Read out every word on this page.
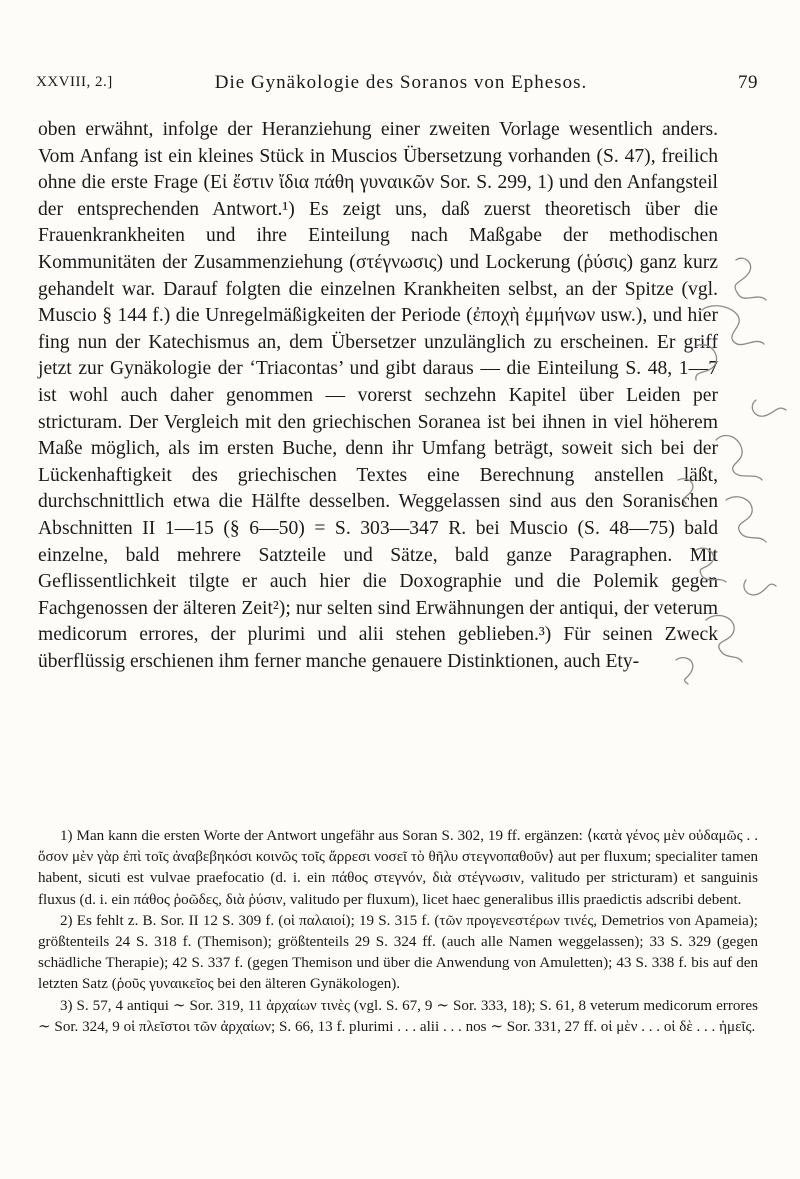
XXVIII, 2.]	Die Gynäkologie des Soranos von Ephesos.	79

oben erwähnt, infolge der Heranziehung einer zweiten Vorlage wesentlich anders. Vom Anfang ist ein kleines Stück in Muscios Übersetzung vorhanden (S. 47), freilich ohne die erste Frage (Εἰ ἔστιν ἴδια πάθη γυναικῶν Sor. S. 299, 1) und den Anfangsteil der entsprechenden Antwort.¹) Es zeigt uns, daß zuerst theoretisch über die Frauenkrankheiten und ihre Einteilung nach Maßgabe der methodischen Kommunitäten der Zusammenziehung (στέγνωσις) und Lockerung (ῥύσις) ganz kurz gehandelt war. Darauf folgten die einzelnen Krankheiten selbst, an der Spitze (vgl. Muscio § 144 f.) die Unregelmäßigkeiten der Periode (ἐποχὴ ἐμμήνων usw.), und hier fing nun der Katechismus an, dem Übersetzer unzulänglich zu erscheinen. Er griff jetzt zur Gynäkologie der ‘Triacontas’ und gibt daraus — die Einteilung S. 48, 1—7 ist wohl auch daher genommen — vorerst sechzehn Kapitel über Leiden per stricturam. Der Vergleich mit den griechischen Soranea ist bei ihnen in viel höherem Maße möglich, als im ersten Buche, denn ihr Umfang beträgt, soweit sich bei der Lückenhaftigkeit des griechischen Textes eine Berechnung anstellen läßt, durchschnittlich etwa die Hälfte desselben. Weggelassen sind aus den Soranischen Abschnitten II 1—15 (§ 6—50) = S. 303—347 R. bei Muscio (S. 48—75) bald einzelne, bald mehrere Satzteile und Sätze, bald ganze Paragraphen. Mit Geflissentlichkeit tilgte er auch hier die Doxographie und die Polemik gegen Fachgenossen der älteren Zeit²); nur selten sind Erwähnungen der antiqui, der veterum medicorum errores, der plurimi und alii stehen geblieben.³) Für seinen Zweck überflüssig erschienen ihm ferner manche genauere Distinktionen, auch Ety-

1) Man kann die ersten Worte der Antwort ungefähr aus Soran S. 302, 19 ff. ergänzen: ⟨κατὰ γένος μὲν οὐδαμῶς . . ὅσον μὲν γὰρ ἐπὶ τοῖς ἀναβεβηκόσι κοινῶς τοῖς ἄρρεσι νοσεῖ τὸ θῆλυ στεγνοπαθοῦν⟩ aut per fluxum; specialiter tamen habent, sicuti est vulvae praefocatio (d. i. ein πάθος στεγνόν, διὰ στέγνωσιν, valitudo per stricturam) et sanguinis fluxus (d. i. ein πάθος ῥοῶδες, διὰ ῥύσιν, valitudo per fluxum), licet haec generalibus illis praedictis adscribi debent.

2) Es fehlt z. B. Sor. II 12 S. 309 f. (οἱ παλαιοί); 19 S. 315 f. (τῶν πρoγενεστέρων τινές, Demetrios von Apameia); größtenteils 24 S. 318 f. (Themison); größtenteils 29 S. 324 ff. (auch alle Namen weggelassen); 33 S. 329 (gegen schädliche Therapie); 42 S. 337 f. (gegen Themison und über die Anwendung von Amuletten); 43 S. 338 f. bis auf den letzten Satz (ῥοῦς γυναικεῖος bei den älteren Gynäkologen).

3) S. 57, 4 antiqui ∼ Sor. 319, 11 ἀρχαίων τινὲς (vgl. S. 67, 9 ∼ Sor. 333, 18); S. 61, 8 veterum medicorum errores ∼ Sor. 324, 9 οἱ πλεῖστοι τῶν ἀρχαίων; S. 66, 13 f. plurimi . . . alii . . . nos ∼ Sor. 331, 27 ff. οἱ μὲν . . . οἱ δὲ . . . ἡμεῖς.
